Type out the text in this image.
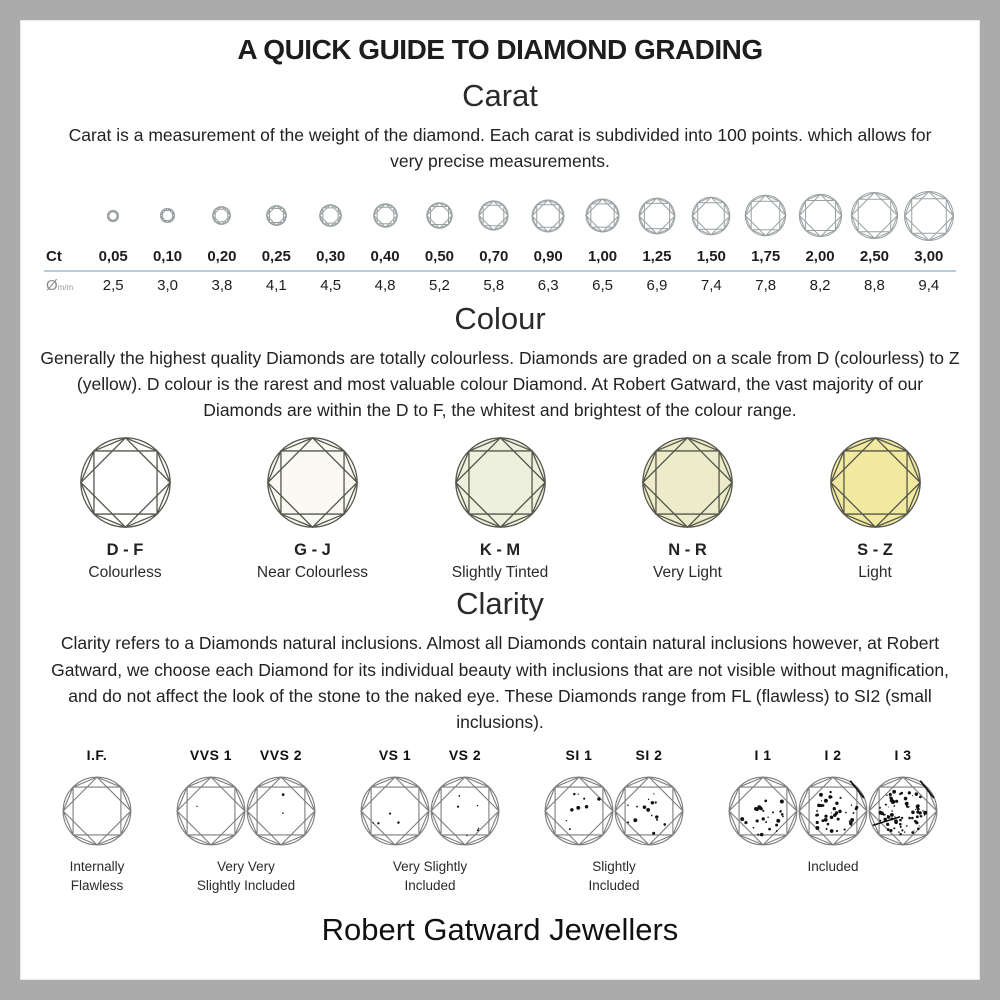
A QUICK GUIDE TO DIAMOND GRADING
Carat
Carat is a measurement of the weight of the diamond. Each carat is subdivided into 100 points. which allows for very precise measurements.
Ct	0,05	0,10	0,20	0,25	0,30	0,40	0,50	0,70	0,90	1,00	1,25	1,50	1,75	2,00	2,50	3,00
Øm/m	2,5	3,0	3,8	4,1	4,5	4,8	5,2	5,8	6,3	6,5	6,9	7,4	7,8	8,2	8,8	9,4
Colour
Generally the highest quality Diamonds are totally colourless. Diamonds are graded on a scale from D (colourless) to Z (yellow). D colour is the rarest and most valuable colour Diamond. At Robert Gatward, the vast majority of our Diamonds are within the D to F, the whitest and brightest of the colour range.
D - F
Colourless
G - J
Near Colourless
K - M
Slightly Tinted
N - R
Very Light
S - Z
Light
Clarity
Clarity refers to a Diamonds natural inclusions. Almost all Diamonds contain natural inclusions however, at Robert Gatward, we choose each Diamond for its individual beauty with inclusions that are not visible without magnification, and do not affect the look of the stone to the naked eye. These Diamonds range from FL (flawless) to SI2 (small inclusions).
I.F.
Internally
Flawless
VVS 1 VVS 2
Very Very
Slightly Included
VS 1	VS 2
Very Slightly
Included
SI 1	SI 2
Slightly
Included
I 1	I 2	I 3
Included
Robert Gatward Jewellers
